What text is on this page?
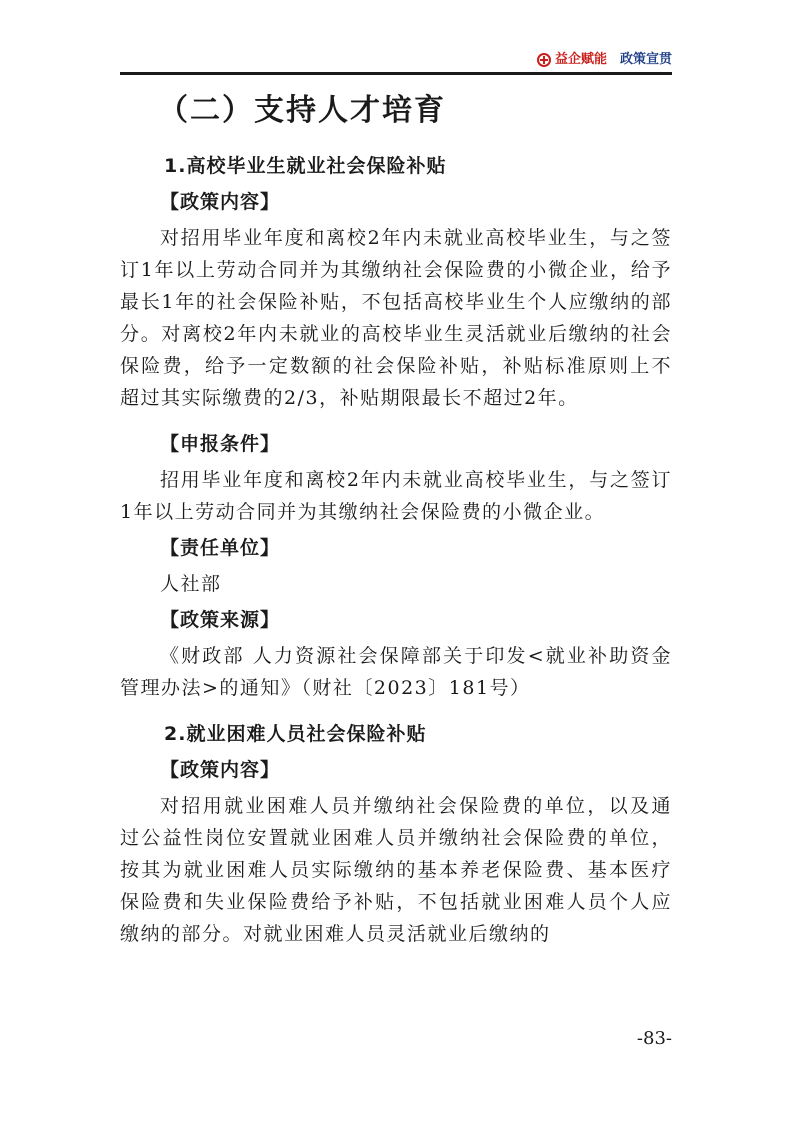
益企赋能 政策宣贯
（二）支持人才培育
1.高校毕业生就业社会保险补贴
【政策内容】

对招用毕业年度和离校2年内未就业高校毕业生，与之签订1年以上劳动合同并为其缴纳社会保险费的小微企业，给予最长1年的社会保险补贴，不包括高校毕业生个人应缴纳的部分。对离校2年内未就业的高校毕业生灵活就业后缴纳的社会保险费，给予一定数额的社会保险补贴，补贴标准原则上不超过其实际缴费的2/3，补贴期限最长不超过2年。

【申报条件】

招用毕业年度和离校2年内未就业高校毕业生，与之签订1年以上劳动合同并为其缴纳社会保险费的小微企业。

【责任单位】

人社部

【政策来源】

《财政部 人力资源社会保障部关于印发<就业补助资金管理办法>的通知》（财社〔2023〕181号）

2.就业困难人员社会保险补贴
【政策内容】

对招用就业困难人员并缴纳社会保险费的单位，以及通过公益性岗位安置就业困难人员并缴纳社会保险费的单位，按其为就业困难人员实际缴纳的基本养老保险费、基本医疗保险费和失业保险费给予补贴，不包括就业困难人员个人应缴纳的部分。对就业困难人员灵活就业后缴纳的

-83-
